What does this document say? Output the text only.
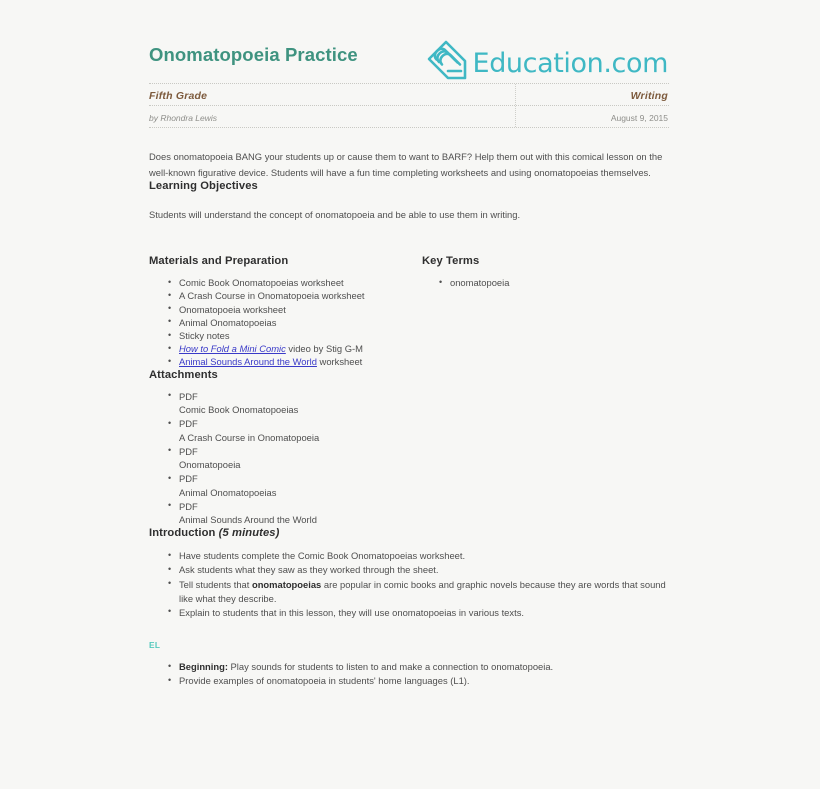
Onomatopoeia Practice	Education.com
Fifth Grade	Writing
by Rhondra Lewis	August 9, 2015

Does onomatopoeia BANG your students up or cause them to want to BARF? Help them out with this comical lesson on the well-known figurative device. Students will have a fun time completing worksheets and using onomatopoeias themselves.

Learning Objectives

Students will understand the concept of onomatopoeia and be able to use them in writing.

Materials and Preparation
• Comic Book Onomatopoeias worksheet
• A Crash Course in Onomatopoeia worksheet
• Onomatopoeia worksheet
• Animal Onomatopoeias
• Sticky notes
• How to Fold a Mini Comic video by Stig G-M
• Animal Sounds Around the World worksheet
Key Terms
• onomatopoeia
Attachments
• PDF
Comic Book Onomatopoeias
• PDF
A Crash Course in Onomatopoeia
• PDF
Onomatopoeia
• PDF
Animal Onomatopoeias
• PDF
Animal Sounds Around the World
Introduction (5 minutes)
• Have students complete the Comic Book Onomatopoeias worksheet.
• Ask students what they saw as they worked through the sheet.
• Tell students that onomatopoeias are popular in comic books and graphic novels because they are words that sound like what they describe.
• Explain to students that in this lesson, they will use onomatopoeias in various texts.
EL
• Beginning: Play sounds for students to listen to and make a connection to onomatopoeia.
• Provide examples of onomatopoeia in students' home languages (L1).
